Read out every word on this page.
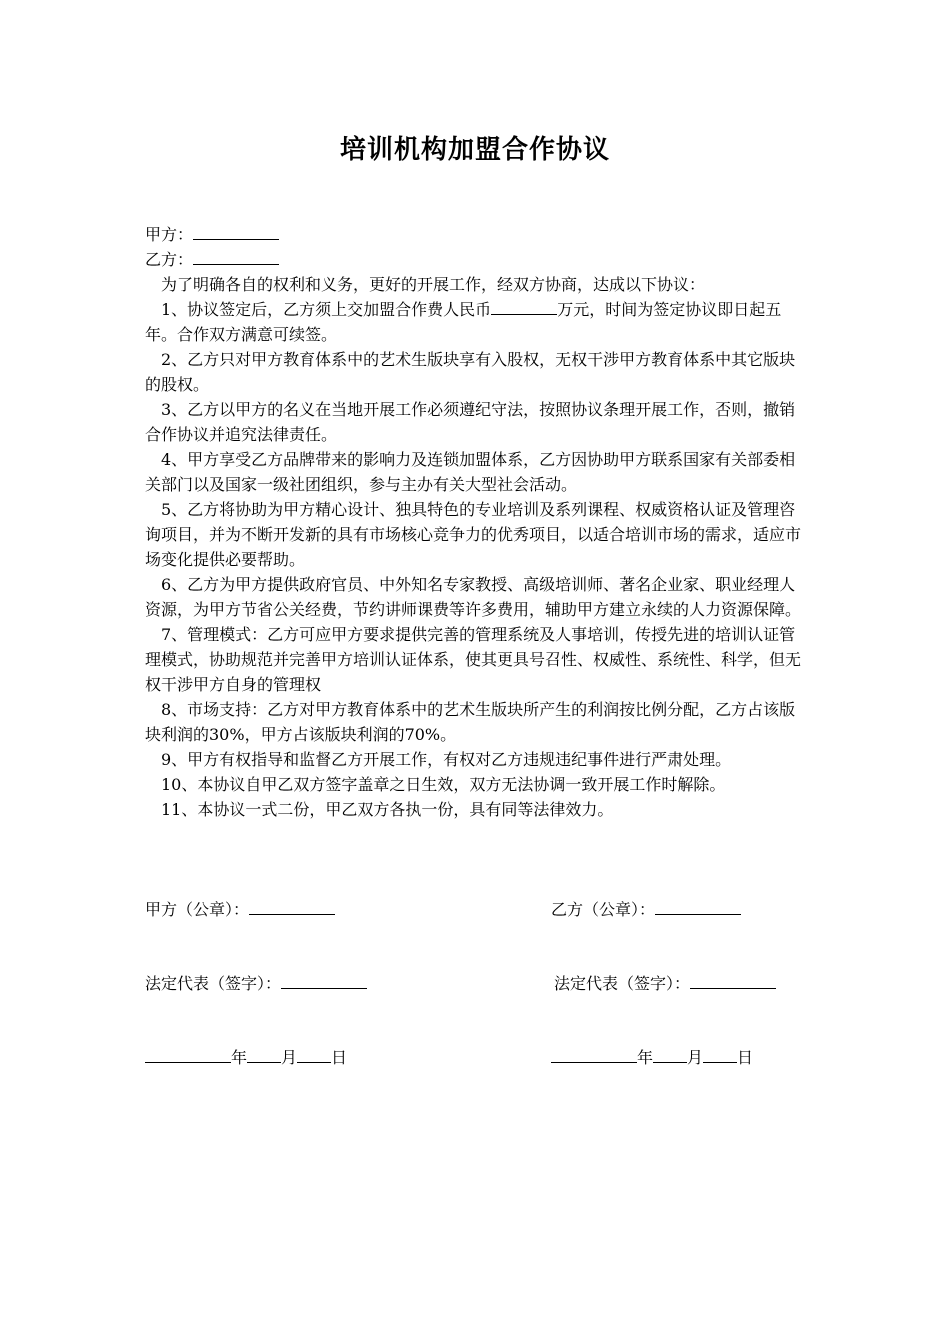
培训机构加盟合作协议

甲方：

乙方：

为了明确各自的权利和义务，更好的开展工作，经双方协商，达成以下协议：

1、协议签定后，乙方须上交加盟合作费人民币	万元，时间为签定协议即日起五年。合作双方满意可续签。

2、乙方只对甲方教育体系中的艺术生版块享有入股权，无权干涉甲方教育体系中其它版块的股权。

3、乙方以甲方的名义在当地开展工作必须遵纪守法，按照协议条理开展工作，否则，撤销合作协议并追究法律责任。

4、甲方享受乙方品牌带来的影响力及连锁加盟体系，乙方因协助甲方联系国家有关部委相关部门以及国家一级社团组织，参与主办有关大型社会活动。

5、乙方将协助为甲方精心设计、独具特色的专业培训及系列课程、权威资格认证及管理咨询项目，并为不断开发新的具有市场核心竞争力的优秀项目，以适合培训市场的需求，适应市场变化提供必要帮助。

6、乙方为甲方提供政府官员、中外知名专家教授、高级培训师、著名企业家、职业经理人资源，为甲方节省公关经费，节约讲师课费等许多费用，辅助甲方建立永续的人力资源保障。

7、管理模式：乙方可应甲方要求提供完善的管理系统及人事培训，传授先进的培训认证管理模式，协助规范并完善甲方培训认证体系，使其更具号召性、权威性、系统性、科学，但无权干涉甲方自身的管理权

8、市场支持：乙方对甲方教育体系中的艺术生版块所产生的利润按比例分配，乙方占该版块利润的30%，甲方占该版块利润的70%。

9、甲方有权指导和监督乙方开展工作，有权对乙方违规违纪事件进行严肃处理。

10、本协议自甲乙双方签字盖章之日生效，双方无法协调一致开展工作时解除。

11、本协议一式二份，甲乙双方各执一份，具有同等法律效力。

甲方（公章）：	乙方（公章）：
法定代表（签字）：	法定代表（签字）：
年 月 日	年 月 日
